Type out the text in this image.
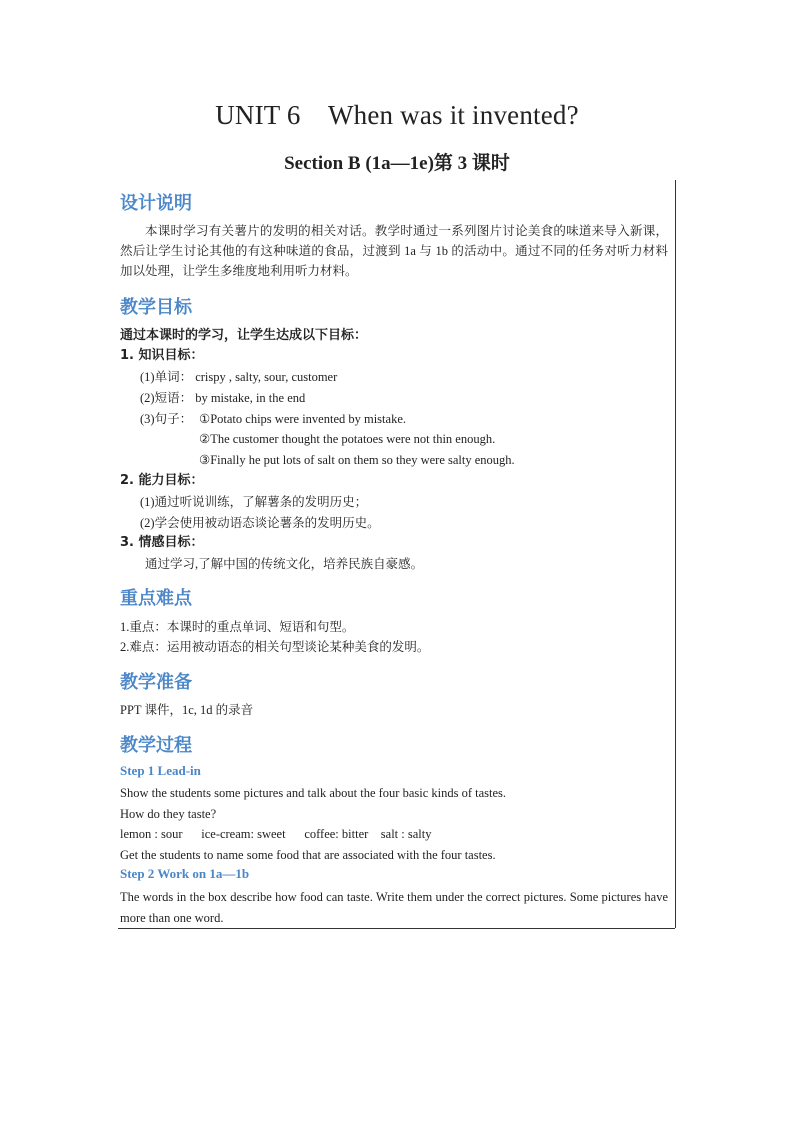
UNIT 6    When was it invented?
Section B (1a—1e)第 3 课时
设计说明
本课时学习有关薯片的发明的相关对话。教学时通过一系列图片讨论美食的味道来导入新课，然后让学生讨论其他的有这种味道的食品，过渡到 1a 与 1b 的活动中。通过不同的任务对听力材料加以处理，让学生多维度地利用听力材料。
教学目标
通过本课时的学习，让学生达成以下目标：
1. 知识目标：
(1)单词： crispy , salty, sour, customer
(2)短语： by mistake, in the end
(3)句子： ①Potato chips were invented by mistake.
②The customer thought the potatoes were not thin enough.
③Finally he put lots of salt on them so they were salty enough.
2. 能力目标：
(1)通过听说训练，了解薯条的发明历史；
(2)学会使用被动语态谈论薯条的发明历史。
3. 情感目标：
通过学习,了解中国的传统文化，培养民族自豪感。
重点难点
1.重点：本课时的重点单词、短语和句型。
2.难点：运用被动语态的相关句型谈论某种美食的发明。
教学准备
PPT 课件，1c, 1d 的录音
教学过程
Step 1 Lead-in
Show the students some pictures and talk about the four basic kinds of tastes.
How do they taste?
lemon : sour      ice-cream: sweet      coffee: bitter    salt : salty
Get the students to name some food that are associated with the four tastes.
Step 2 Work on 1a—1b
The words in the box describe how food can taste. Write them under the correct pictures. Some pictures have more than one word.
